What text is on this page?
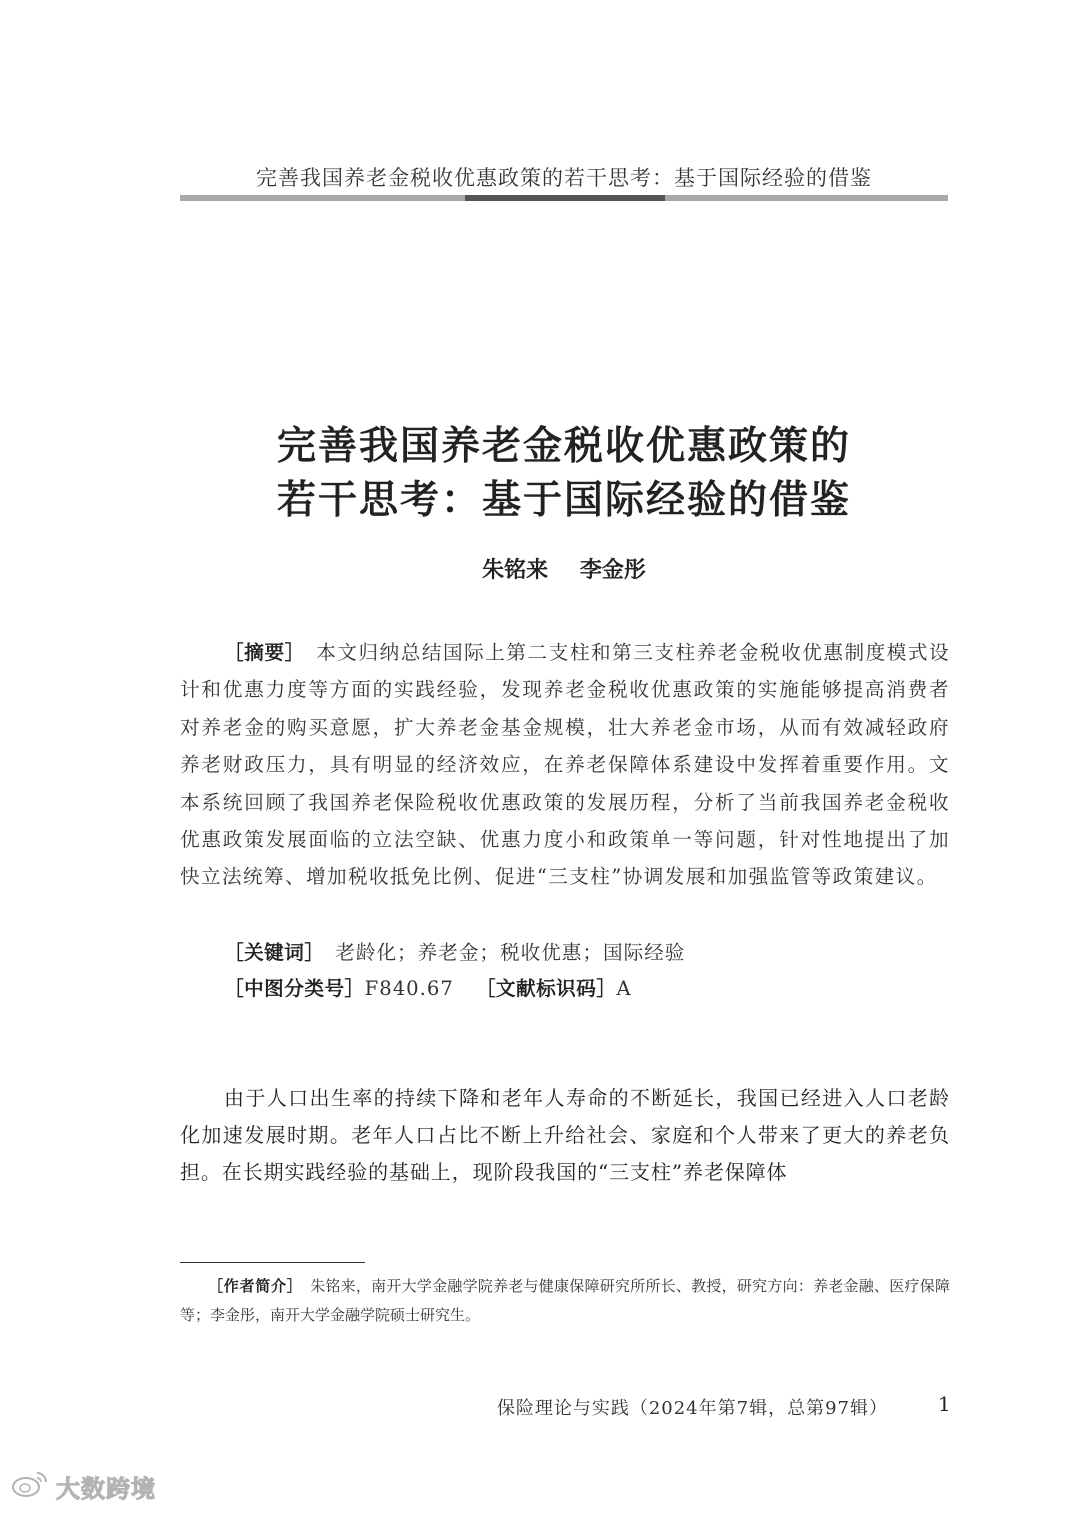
完善我国养老金税收优惠政策的若干思考：基于国际经验的借鉴
完善我国养老金税收优惠政策的
若干思考：基于国际经验的借鉴
朱铭来 李金彤
［摘要］　 本文归纳总结国际上第二支柱和第三支柱养老金税收优惠制度模式设计和优惠力度等方面的实践经验，发现养老金税收优惠政策的实施能够提高消费者对养老金的购买意愿，扩大养老金基金规模，壮大养老金市场，从而有效减轻政府养老财政压力，具有明显的经济效应，在养老保障体系建设中发挥着重要作用。文本系统回顾了我国养老保险税收优惠政策的发展历程，分析了当前我国养老金税收优惠政策发展面临的立法空缺、优惠力度小和政策单一等问题，针对性地提出了加快立法统筹、增加税收抵免比例、促进“三支柱”协调发展和加强监管等政策建议。
［关键词］　 老龄化；养老金；税收优惠；国际经验
［中图分类号］F840.67 ［文献标识码］A
由于人口出生率的持续下降和老年人寿命的不断延长，我国已经进入人口老龄化加速发展时期。老年人口占比不断上升给社会、家庭和个人带来了更大的养老负担。在长期实践经验的基础上，现阶段我国的“三支柱”养老保障体
［作者简介］　 朱铭来，南开大学金融学院养老与健康保障研究所所长、教授，研究方向：养老金融、医疗保障等；李金彤，南开大学金融学院硕士研究生。
保险理论与实践（2024年第7辑，总第97辑）	1
大数跨境
